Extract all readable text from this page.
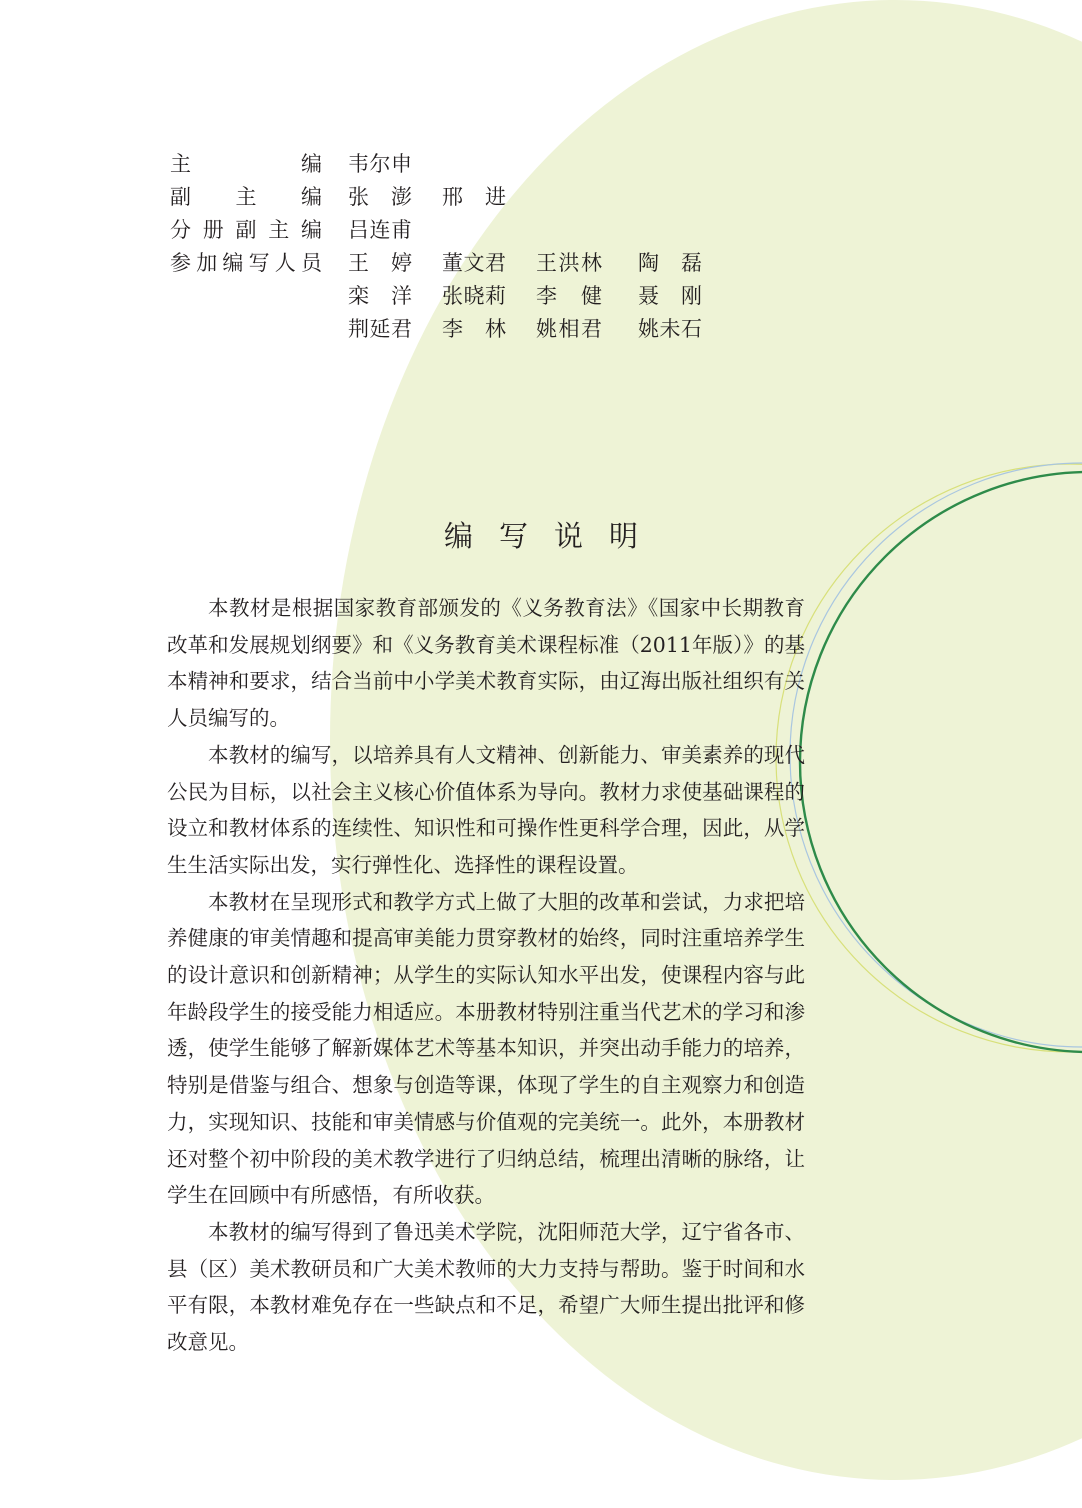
主	编 韦 尔 申
副 主 编 张 澎 邢 进
分 册 副 主 编 吕 连 甫
参 加 编 写 人 员 王 婷 董 文 君 王 洪 林 陶 磊
栾 洋 张 晓 莉 李 健 聂 刚
荆 延 君 李 林 姚 相 君 姚 未 石
编写说明

本教材是根据国家教育部颁发的《义务教育法》《国家中长期教育改革和发展规划纲要》和《义务教育美术课程标准（2011年版）》的基本精神和要求，结合当前中小学美术教育实际，由辽海出版社组织有关人员编写的。

本教材的编写，以培养具有人文精神、创新能力、审美素养的现代公民为目标，以社会主义核心价值体系为导向。教材力求使基础课程的设立和教材体系的连续性、知识性和可操作性更科学合理，因此，从学生生活实际出发，实行弹性化、选择性的课程设置。

本教材在呈现形式和教学方式上做了大胆的改革和尝试，力求把培养健康的审美情趣和提高审美能力贯穿教材的始终，同时注重培养学生的设计意识和创新精神；从学生的实际认知水平出发，使课程内容与此年龄段学生的接受能力相适应。本册教材特别注重当代艺术的学习和渗透，使学生能够了解新媒体艺术等基本知识，并突出动手能力的培养，特别是借鉴与组合、想象与创造等课，体现了学生的自主观察力和创造力，实现知识、技能和审美情感与价值观的完美统一。此外，本册教材还对整个初中阶段的美术教学进行了归纳总结，梳理出清晰的脉络，让学生在回顾中有所感悟，有所收获。

本教材的编写得到了鲁迅美术学院，沈阳师范大学，辽宁省各市、县（区）美术教研员和广大美术教师的大力支持与帮助。鉴于时间和水平有限，本教材难免存在一些缺点和不足，希望广大师生提出批评和修改意见。
